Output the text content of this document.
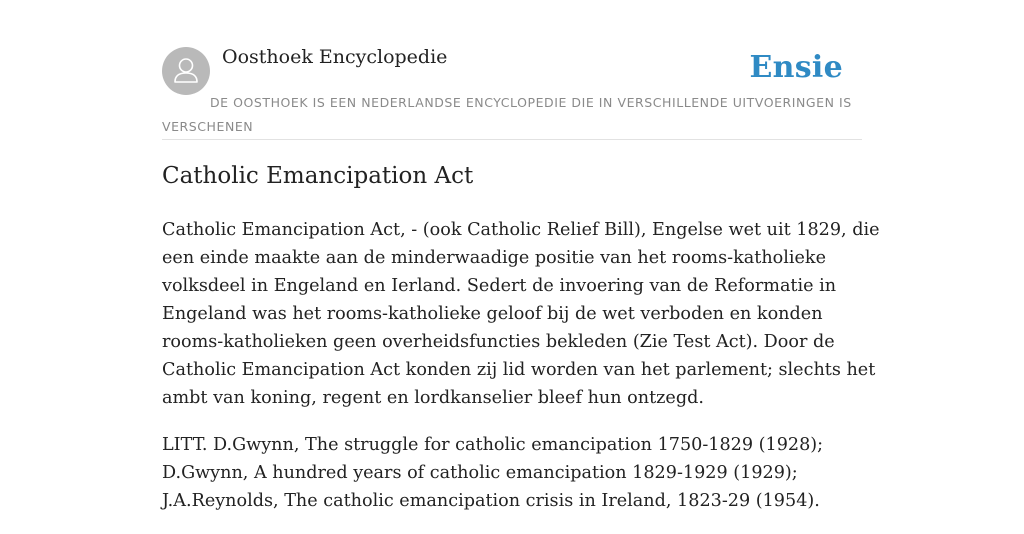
Oosthoek Encyclopedie	Ensie
DE OOSTHOEK IS EEN NEDERLANDSE ENCYCLOPEDIE DIE IN VERSCHILLENDE UITVOERINGEN IS VERSCHENEN
Catholic Emancipation Act

Catholic Emancipation Act, - (ook Catholic Relief Bill), Engelse wet uit 1829, die
een einde maakte aan de minderwaadige positie van het rooms-katholieke
volksdeel in Engeland en Ierland. Sedert de invoering van de Reformatie in
Engeland was het rooms-katholieke geloof bij de wet verboden en konden
rooms-katholieken geen overheidsfuncties bekleden (Zie Test Act). Door de
Catholic Emancipation Act konden zij lid worden van het parlement; slechts het
ambt van koning, regent en lordkanselier bleef hun ontzegd.

LITT. D.Gwynn, The struggle for catholic emancipation 1750-1829 (1928);
D.Gwynn, A hundred years of catholic emancipation 1829-1929 (1929);
J.A.Reynolds, The catholic emancipation crisis in Ireland, 1823-29 (1954).
